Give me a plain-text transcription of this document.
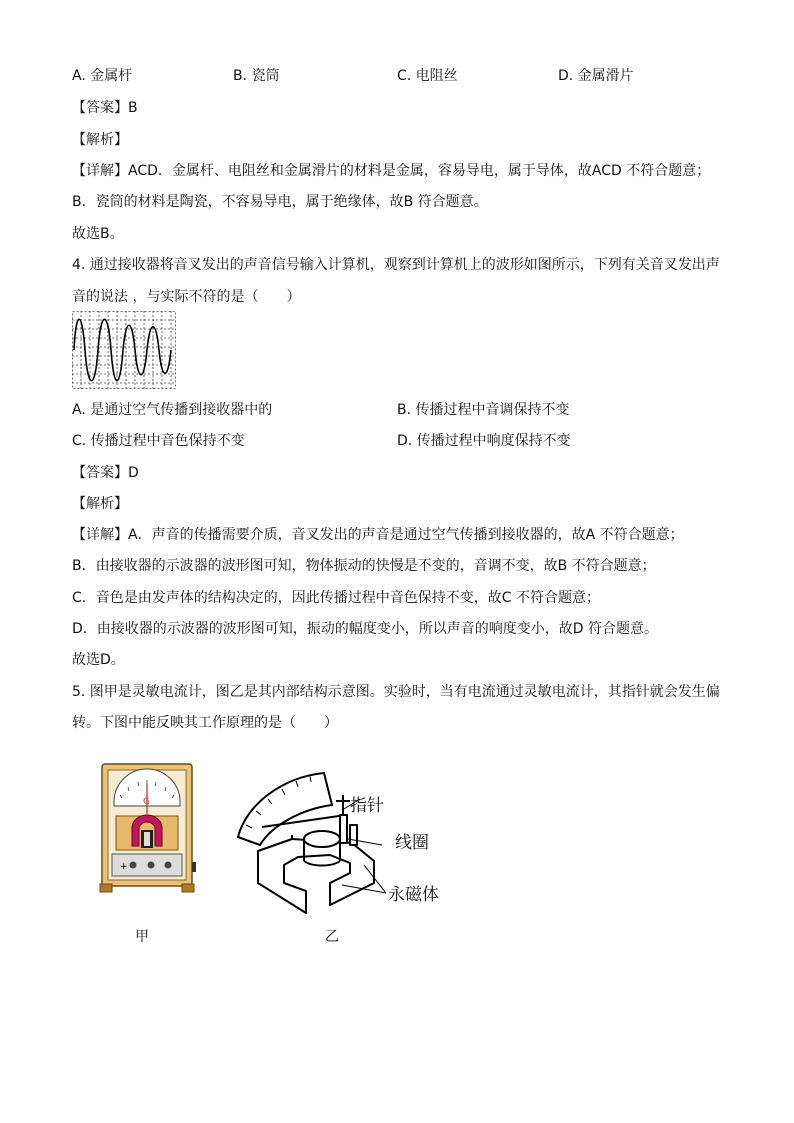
A. 金属杆	B. 瓷筒	C. 电阻丝	D. 金属滑片
【答案】B
【解析】
【详解】ACD．金属杆、电阻丝和金属滑片的材料是金属，容易导电，属于导体，故ACD 不符合题意；
B．瓷筒的材料是陶瓷，不容易导电，属于绝缘体，故B 符合题意。
故选B。
4. 通过接收器将音叉发出的声音信号输入计算机，观察到计算机上的波形如图所示，下列有关音叉发出声
音的说法 ，与实际不符的是（　　）
A. 是通过空气传播到接收器中的	B. 传播过程中音调保持不变
C. 传播过程中音色保持不变	D. 传播过程中响度保持不变
【答案】D
【解析】
【详解】A．声音的传播需要介质，音叉发出的声音是通过空气传播到接收器的，故A 不符合题意；
B．由接收器的示波器的波形图可知，物体振动的快慢是不变的，音调不变，故B 不符合题意；
C．音色是由发声体的结构决定的，因此传播过程中音色保持不变，故C 不符合题意；
D．由接收器的示波器的波形图可知，振动的幅度变小，所以声音的响度变小，故D 符合题意。
故选D。
5. 图甲是灵敏电流计，图乙是其内部结构示意图。实验时，当有电流通过灵敏电流计，其指针就会发生偏
转。下图中能反映其工作原理的是（　　）
G
+
甲
指针
线圈
永磁体
乙
